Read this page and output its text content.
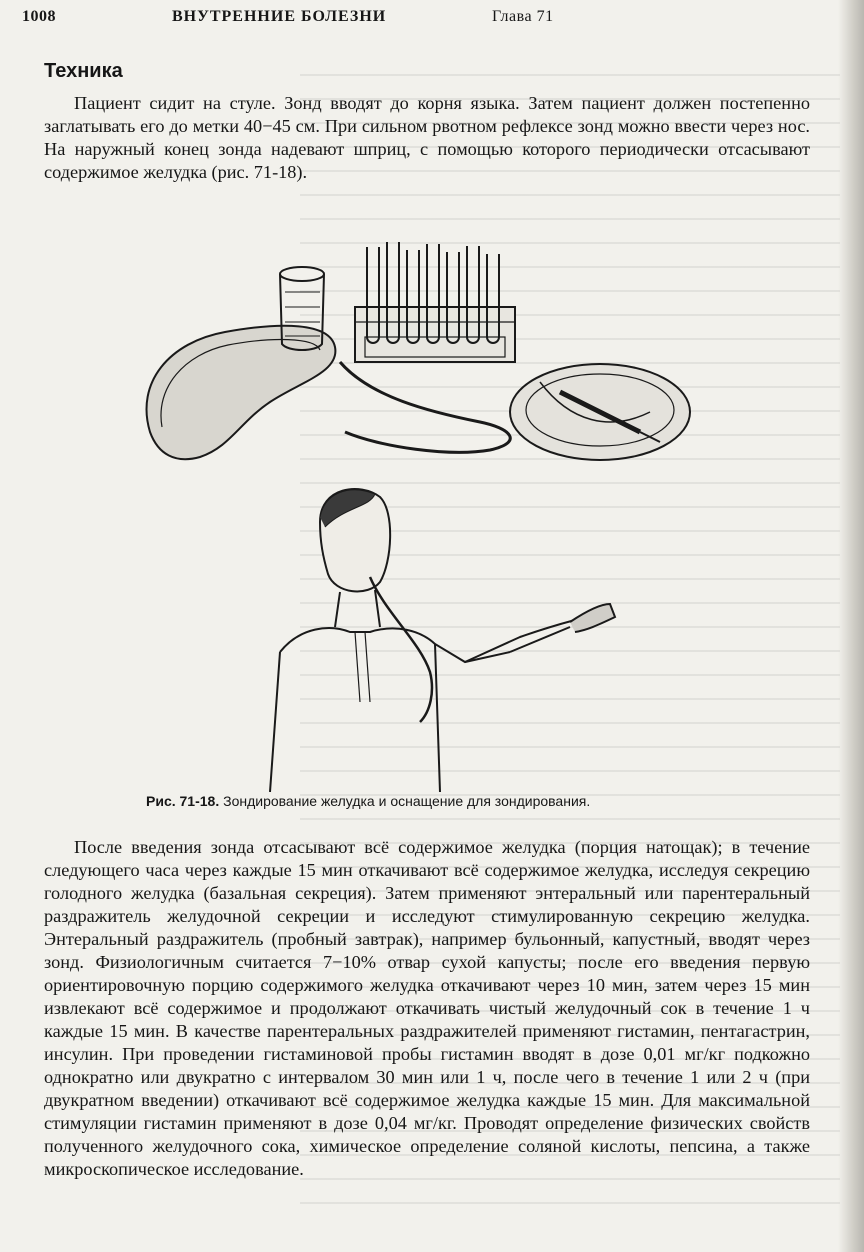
1008	ВНУТРЕННИЕ БОЛЕЗНИ	Глава 71
Техника

Пациент сидит на стуле. Зонд вводят до корня языка. Затем пациент должен постепенно заглатывать его до метки 40−45 см. При сильном рвотном рефлексе зонд можно ввести через нос. На наружный конец зонда надевают шприц, с помощью которого периодически отсасывают содержимое желудка (рис. 71-18).

Рис. 71-18. Зондирование желудка и оснащение для зондирования.

После введения зонда отсасывают всё содержимое желудка (порция натощак); в течение следующего часа через каждые 15 мин откачивают всё содержимое желудка, исследуя секрецию голодного желудка (базальная секреция). Затем применяют энтеральный или парентеральный раздражитель желудочной секреции и исследуют стимулированную секрецию желудка. Энтеральный раздражитель (пробный завтрак), например бульонный, капустный, вводят через зонд. Физиологичным считается 7−10% отвар сухой капусты; после его введения первую ориентировочную порцию содержимого желудка откачивают через 10 мин, затем через 15 мин извлекают всё содержимое и продолжают откачивать чистый желудочный сок в течение 1 ч каждые 15 мин. В качестве парентеральных раздражителей применяют гистамин, пентагастрин, инсулин. При проведении гистаминовой пробы гистамин вводят в дозе 0,01 мг/кг подкожно однократно или двукратно с интервалом 30 мин или 1 ч, после чего в течение 1 или 2 ч (при двукратном введении) откачивают всё содержимое желудка каждые 15 мин. Для максимальной стимуляции гистамин применяют в дозе 0,04 мг/кг. Проводят определение физических свойств полученного желудочного сока, химическое определение соляной кислоты, пепсина, а также микроскопическое исследование.
